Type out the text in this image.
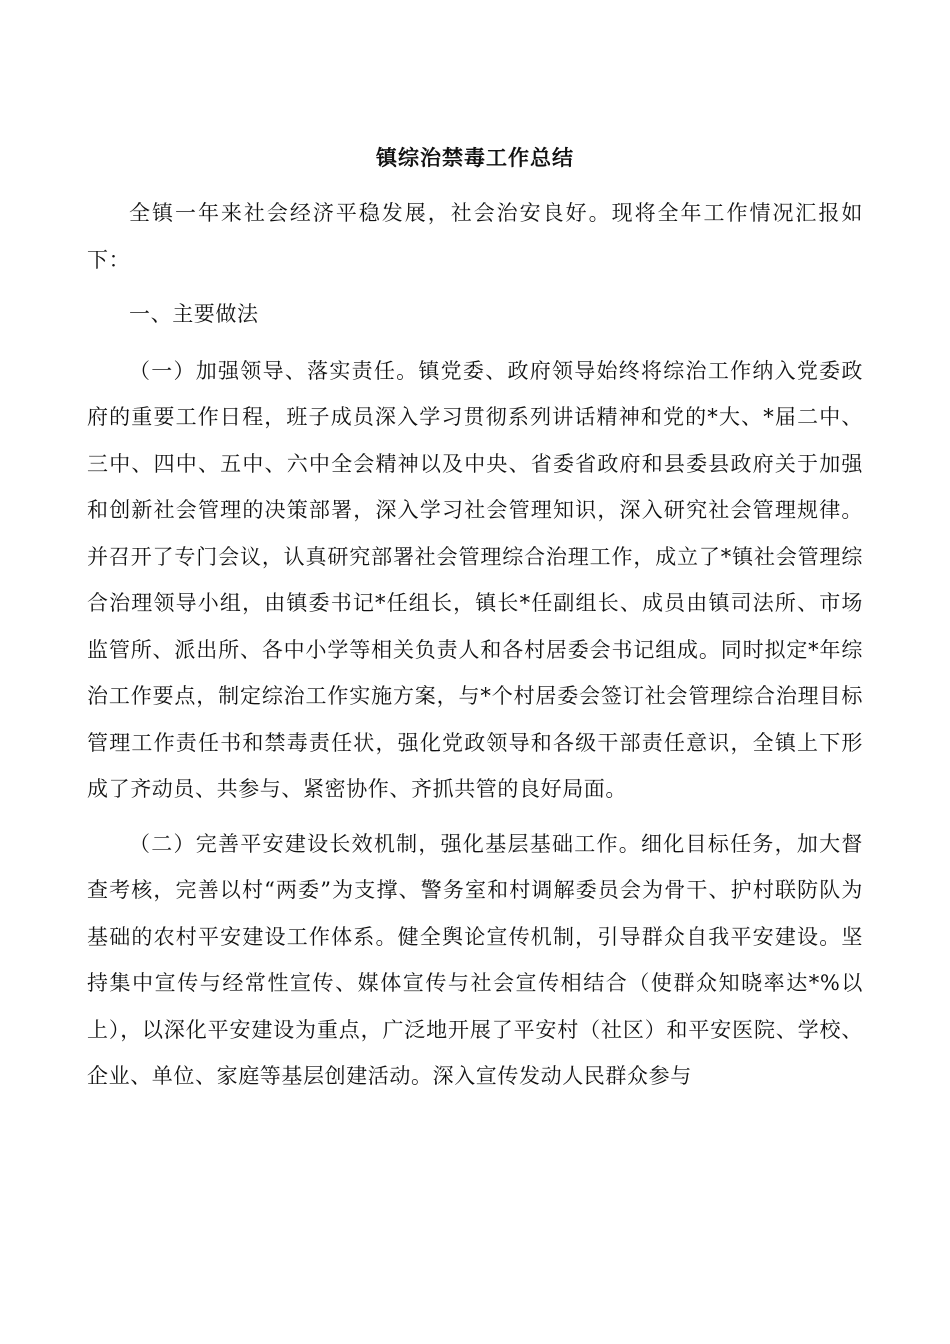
镇综治禁毒工作总结

全镇一年来社会经济平稳发展，社会治安良好。现将全年工作情况汇报如下：

一、主要做法

（一）加强领导、落实责任。镇党委、政府领导始终将综治工作纳入党委政府的重要工作日程，班子成员深入学习贯彻系列讲话精神和党的*大、*届二中、三中、四中、五中、六中全会精神以及中央、省委省政府和县委县政府关于加强和创新社会管理的决策部署，深入学习社会管理知识，深入研究社会管理规律。并召开了专门会议，认真研究部署社会管理综合治理工作，成立了*镇社会管理综合治理领导小组，由镇委书记*任组长，镇长*任副组长、成员由镇司法所、市场监管所、派出所、各中小学等相关负责人和各村居委会书记组成。同时拟定*年综治工作要点，制定综治工作实施方案，与*个村居委会签订社会管理综合治理目标管理工作责任书和禁毒责任状，强化党政领导和各级干部责任意识，全镇上下形成了齐动员、共参与、紧密协作、齐抓共管的良好局面。

（二）完善平安建设长效机制，强化基层基础工作。细化目标任务，加大督查考核，完善以村“两委”为支撑、警务室和村调解委员会为骨干、护村联防队为基础的农村平安建设工作体系。健全舆论宣传机制，引导群众自我平安建设。坚持集中宣传与经常性宣传、媒体宣传与社会宣传相结合（使群众知晓率达*%以上），以深化平安建设为重点，广泛地开展了平安村（社区）和平安医院、学校、企业、单位、家庭等基层创建活动。深入宣传发动人民群众参与
